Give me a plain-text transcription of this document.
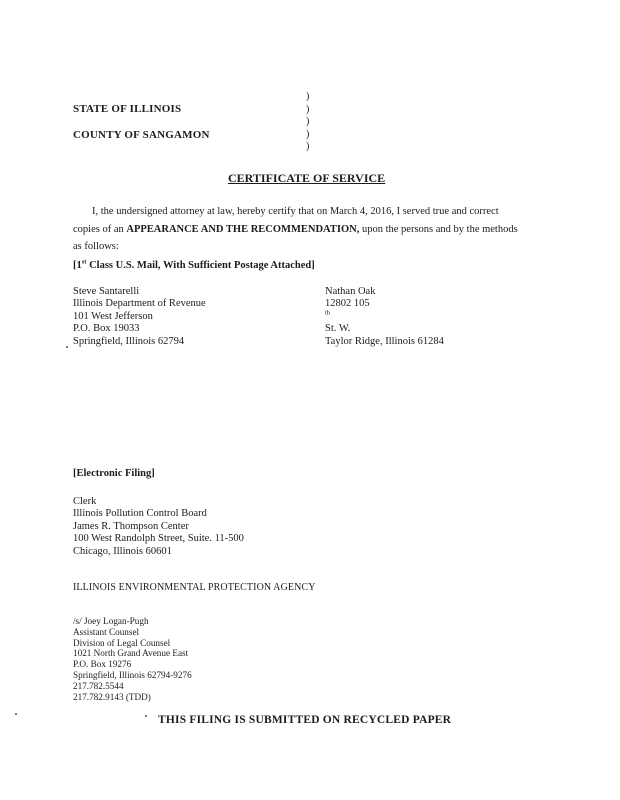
STATE OF ILLINOIS
COUNTY OF SANGAMON
)
)
)
)
)
CERTIFICATE OF SERVICE
I, the undersigned attorney at law, hereby certify that on March 4, 2016, I served true and correct
copies of an APPEARANCE AND THE RECOMMENDATION, upon the persons and by the methods
as follows:
[1st Class U.S. Mail, With Sufficient Postage Attached]
Steve Santarelli
Illinois Department of Revenue
101 West Jefferson
P.O. Box 19033
Springfield, Illinois 62794
Nathan Oak
12802 105
$^{th}$
St. W.
Taylor Ridge, Illinois 61284
[Electronic Filing]
Clerk
Illinois Pollution Control Board
James R. Thompson Center
100 West Randolph Street, Suite. 11-500
Chicago, Illinois 60601
ILLINOIS ENVIRONMENTAL PROTECTION AGENCY
/s/ Joey Logan-Pugh
Assistant Counsel
Division of Legal Counsel
1021 North Grand Avenue East
P.O. Box 19276
Springfield, Illinois 62794-9276
217.782.5544
217.782.9143 (TDD)
THIS FILING IS SUBMITTED ON RECYCLED PAPER
